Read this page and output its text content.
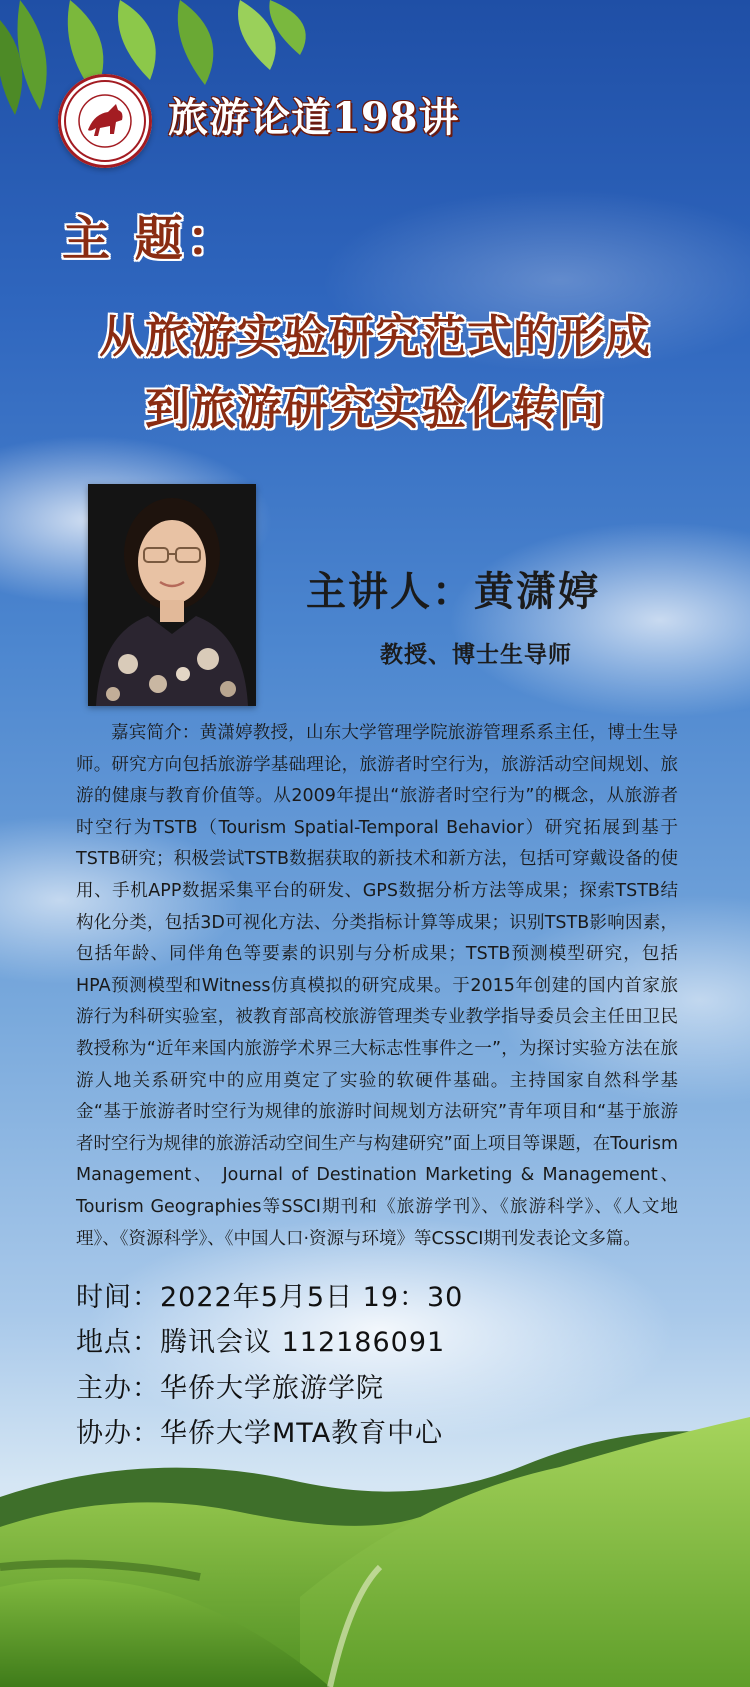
旅游论道198讲
主 题：
从旅游实验研究范式的形成
到旅游研究实验化转向
主讲人：黄潇婷
教授、博士生导师
嘉宾简介：黄潇婷教授，山东大学管理学院旅游管理系系主任，博士生导师。研究方向包括旅游学基础理论，旅游者时空行为，旅游活动空间规划、旅游的健康与教育价值等。从2009年提出“旅游者时空行为”的概念，从旅游者时空行为TSTB（Tourism Spatial-Temporal Behavior）研究拓展到基于TSTB研究；积极尝试TSTB数据获取的新技术和新方法，包括可穿戴设备的使用、手机APP数据采集平台的研发、GPS数据分析方法等成果；探索TSTB结构化分类，包括3D可视化方法、分类指标计算等成果；识别TSTB影响因素，包括年龄、同伴角色等要素的识别与分析成果；TSTB预测模型研究，包括HPA预测模型和Witness仿真模拟的研究成果。于2015年创建的国内首家旅游行为科研实验室，被教育部高校旅游管理类专业教学指导委员会主任田卫民教授称为“近年来国内旅游学术界三大标志性事件之一”，为探讨实验方法在旅游人地关系研究中的应用奠定了实验的软硬件基础。主持国家自然科学基金“基于旅游者时空行为规律的旅游时间规划方法研究”青年项目和“基于旅游者时空行为规律的旅游活动空间生产与构建研究”面上项目等课题，在Tourism Management、 Journal of Destination Marketing & Management、 Tourism Geographies等SSCI期刊和《旅游学刊》、《旅游科学》、《人文地理》、《资源科学》、《中国人口·资源与环境》等CSSCI期刊发表论文多篇。
时间：2022年5月5日 19：30
地点：腾讯会议 112186091
主办：华侨大学旅游学院
协办：华侨大学MTA教育中心
